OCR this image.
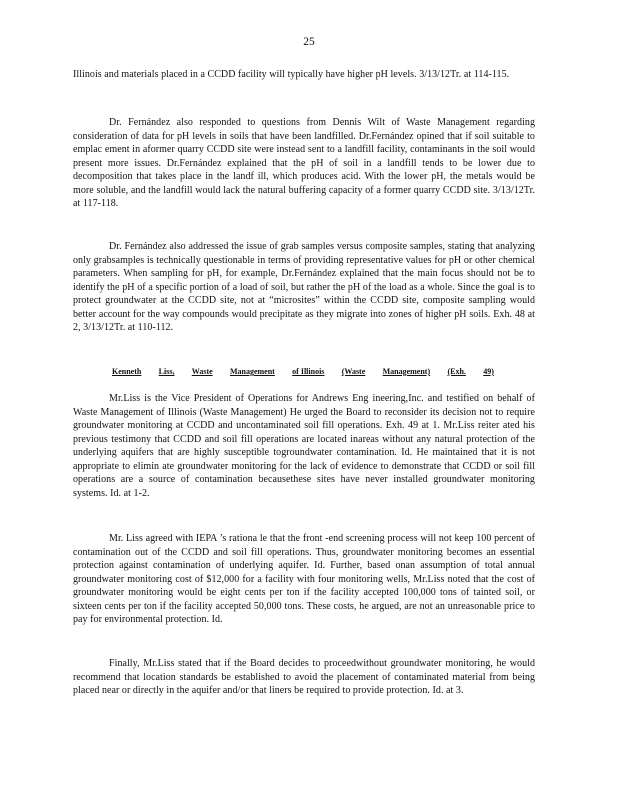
25
Illinois and materials placed in a CCDD facility will typically have higher pH levels. 3/13/12Tr. at 114-115.
Dr. Fernández also responded to questions from Dennis Wilt of Waste Management regarding consideration of data for pH levels in soils that have been landfilled. Dr.Fernández opined that if soil suitable to emplac ement in aformer quarry CCDD site were instead sent to a landfill facility, contaminants in the soil would present more issues. Dr.Fernández explained that the pH of soil in a landfill tends to be lower due to decomposition that takes place in the landf ill, which produces acid. With the lower pH, the metals would be more soluble, and the landfill would lack the natural buffering capacity of a former quarry CCDD site. 3/13/12Tr. at 117-118.
Dr. Fernández also addressed the issue of grab samples versus composite samples, stating that analyzing only grabsamples is technically questionable in terms of providing representative values for pH or other chemical parameters. When sampling for pH, for example, Dr.Fernández explained that the main focus should not be to identify the pH of a specific portion of a load of soil, but rather the pH of the load as a whole. Since the goal is to protect groundwater at the CCDD site, not at “microsites” within the CCDD site, composite sampling would better account for the way compounds would precipitate as they migrate into zones of higher pH soils. Exh. 48 at 2, 3/13/12Tr. at 110-112.
Kenneth Liss, Waste Management of Illinois (Waste Management) (Exh. 49)
Mr.Liss is the Vice President of Operations for Andrews Eng ineering,Inc. and testified on behalf of Waste Management of Illinois (Waste Management) He urged the Board to reconsider its decision not to require groundwater monitoring at CCDD and uncontaminated soil fill operations. Exh. 49 at 1. Mr.Liss reiter ated his previous testimony that CCDD and soil fill operations are located inareas without any natural protection of the underlying aquifers that are highly susceptible togroundwater contamination. Id. He maintained that it is not appropriate to elimin ate groundwater monitoring for the lack of evidence to demonstrate that CCDD or soil fill operations are a source of contamination becausethese sites have never installed groundwater monitoring systems. Id. at 1-2.
Mr. Liss agreed with IEPA ’s rationa le that the front -end screening process will not keep 100 percent of contamination out of the CCDD and soil fill operations. Thus, groundwater monitoring becomes an essential protection against contamination of underlying aquifer. Id. Further, based onan assumption of total annual groundwater monitoring cost of $12,000 for a facility with four monitoring wells, Mr.Liss noted that the cost of groundwater monitoring would be eight cents per ton if the facility accepted 100,000 tons of tainted soil, or sixteen cents per ton if the facility accepted 50,000 tons. These costs, he argued, are not an unreasonable price to pay for environmental protection. Id.
Finally, Mr.Liss stated that if the Board decides to proceedwithout groundwater monitoring, he would recommend that location standards be established to avoid the placement of contaminated material from being placed near or directly in the aquifer and/or that liners be required to provide protection. Id. at 3.
